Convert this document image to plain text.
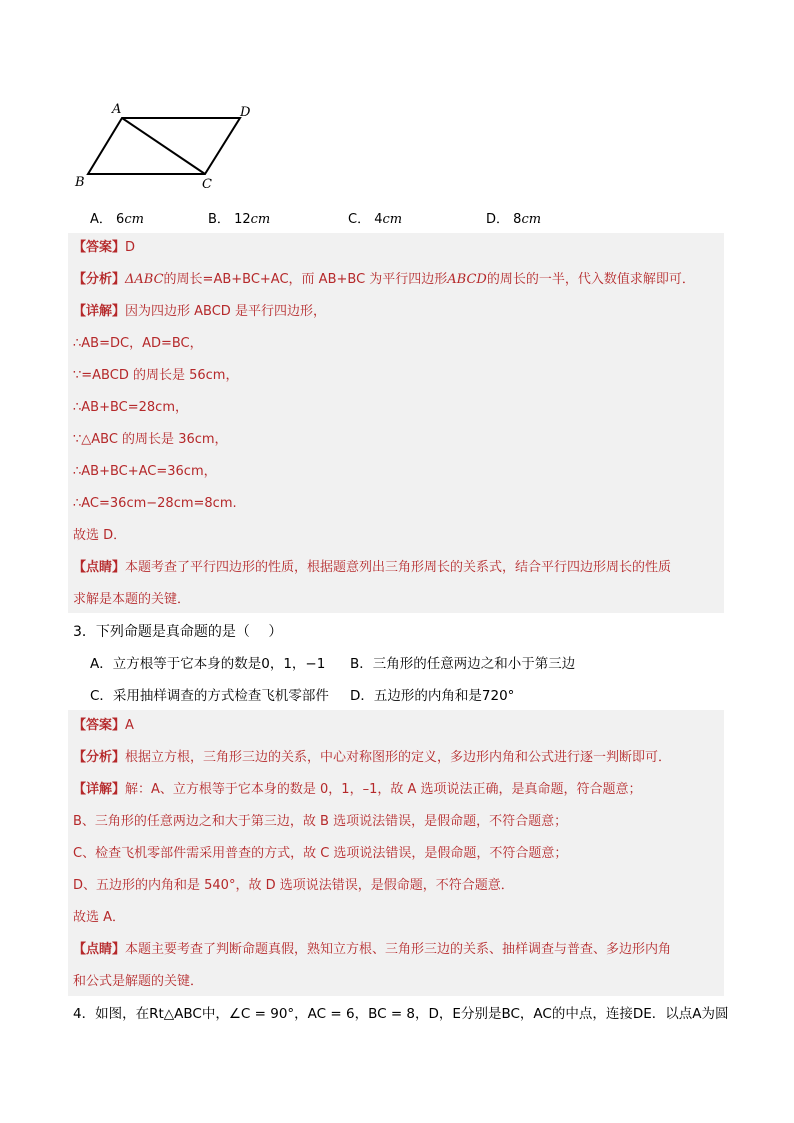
A	D
B	C
A． 6cm	B． 12cm	C． 4cm	D． 8cm
【答案】D
【分析】ΔABC的周长=AB+BC+AC，而 AB+BC 为平行四边形ABCD的周长的一半，代入数值求解即可．
【详解】因为四边形 ABCD 是平行四边形，
∴AB=DC，AD=BC，
∵=ABCD 的周长是 56cm，
∴AB+BC=28cm，
∵△ABC 的周长是 36cm，
∴AB+BC+AC=36cm，
∴AC=36cm−28cm=8cm.
故选 D．
【点睛】本题考查了平行四边形的性质，根据题意列出三角形周长的关系式，结合平行四边形周长的性质
求解是本题的关键．
3．下列命题是真命题的是（　 ）
A．立方根等于它本身的数是0，1，−1 B．三角形的任意两边之和小于第三边
C．采用抽样调查的方式检查飞机零部件 D．五边形的内角和是720°
【答案】A
【分析】根据立方根，三角形三边的关系，中心对称图形的定义，多边形内角和公式进行逐一判断即可．
【详解】解：A、立方根等于它本身的数是 0，1，–1，故 A 选项说法正确，是真命题，符合题意；
B、三角形的任意两边之和大于第三边，故 B 选项说法错误，是假命题，不符合题意；
C、检查飞机零部件需采用普查的方式，故 C 选项说法错误，是假命题，不符合题意；
D、五边形的内角和是 540°，故 D 选项说法错误，是假命题，不符合题意．
故选 A．
【点睛】本题主要考查了判断命题真假，熟知立方根、三角形三边的关系、抽样调查与普查、多边形内角
和公式是解题的关键．
4．如图，在Rt△ABC中，∠C = 90°，AC = 6，BC = 8，D，E分别是BC，AC的中点，连接DE．以点A为圆
